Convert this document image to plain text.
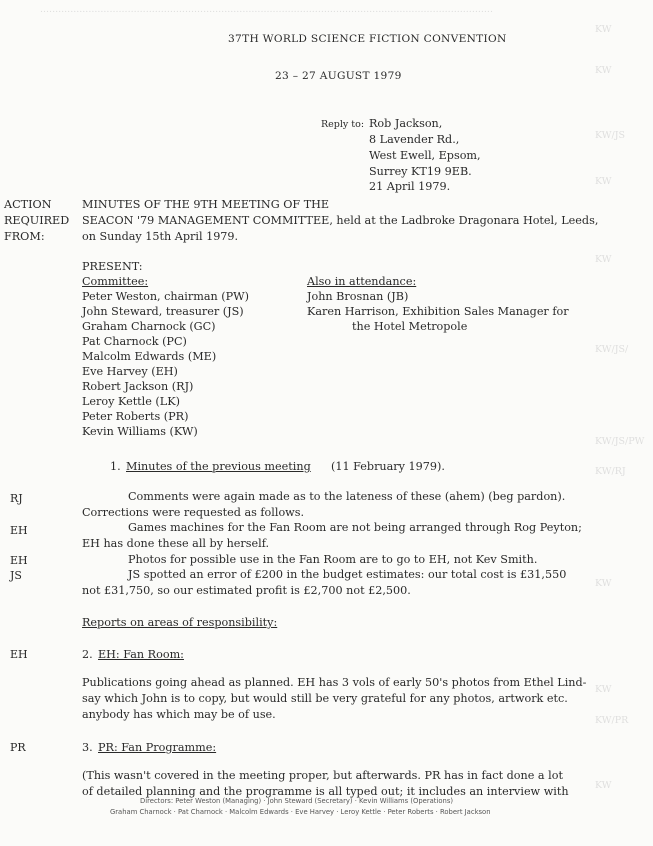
......................................................................................................................................................
KW
KW
KW/JS
KW
KW
KW/JS/
KW/JS/PW
KW/RJ
KW
KW
KW/PR
KW
37TH WORLD SCIENCE FICTION CONVENTION
23 – 27 AUGUST 1979
Reply to: Rob Jackson,
8 Lavender Rd.,
West Ewell, Epsom,
Surrey KT19 9EB.
21 April 1979.
ACTION
REQUIRED
FROM:
MINUTES OF THE 9TH MEETING OF THE
SEACON '79 MANAGEMENT COMMITTEE, held at the Ladbroke Dragonara Hotel, Leeds,
on Sunday 15th April 1979.
PRESENT:
Committee:
Peter Weston, chairman (PW)
John Steward, treasurer (JS)
Graham Charnock (GC)
Pat Charnock (PC)
Malcolm Edwards (ME)
Eve Harvey (EH)
Robert Jackson (RJ)
Leroy Kettle (LK)
Peter Roberts (PR)
Kevin Williams (KW)
Also in attendance:
John Brosnan (JB)
Karen Harrison, Exhibition Sales Manager for
the Hotel Metropole
1. Minutes of the previous meeting (11 February 1979).
RJ	Comments were again made as to the lateness of these (ahem) (beg pardon).
Corrections were requested as follows.
EH	Games machines for the Fan Room are not being arranged through Rog Peyton;
EH has done these all by herself.
EH	Photos for possible use in the Fan Room are to go to EH, not Kev Smith.
JS	JS spotted an error of £200 in the budget estimates: our total cost is £31,550
not £31,750, so our estimated profit is £2,700 not £2,500.
Reports on areas of responsibility:
EH	2. EH: Fan Room:
Publications going ahead as planned. EH has 3 vols of early 50's photos from Ethel Lind-
say which John is to copy, but would still be very grateful for any photos, artwork etc.
anybody has which may be of use.
PR	3. PR: Fan Programme:
(This wasn't covered in the meeting proper, but afterwards. PR has in fact done a lot
of detailed planning and the programme is all typed out; it includes an interview with
Directors: Peter Weston (Managing) · John Steward (Secretary) · Kevin Williams (Operations)
Graham Charnock · Pat Charnock · Malcolm Edwards · Eve Harvey · Leroy Kettle · Peter Roberts · Robert Jackson
